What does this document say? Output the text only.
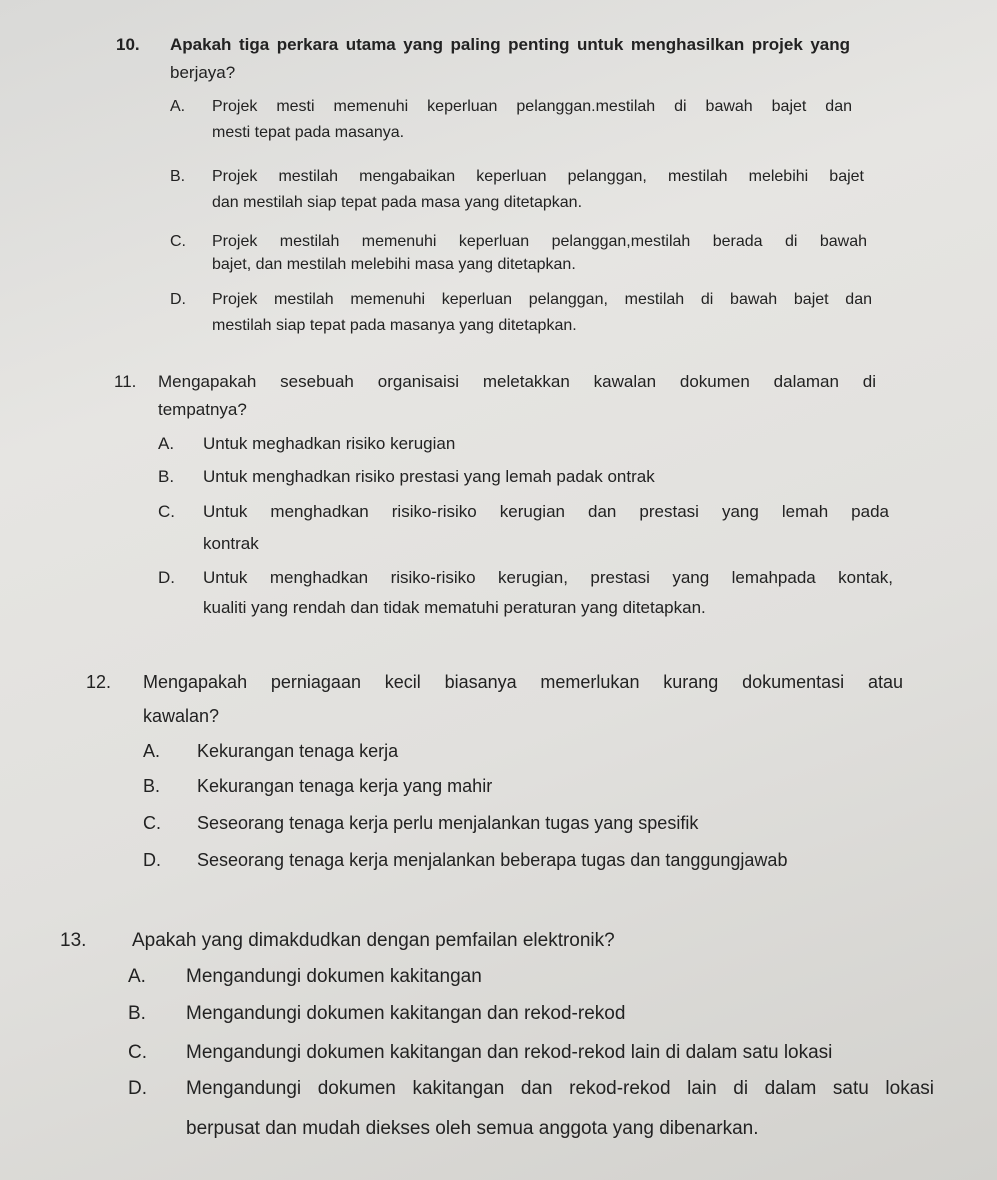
10. Apakah tiga perkara utama yang paling penting untuk menghasilkan projek yang
berjaya?
A. Projek mesti memenuhi keperluan pelanggan.mestilah di bawah bajet dan
mesti tepat pada masanya.
B. Projek mestilah mengabaikan keperluan pelanggan, mestilah melebihi bajet
dan mestilah siap tepat pada masa yang ditetapkan.
C. Projek mestilah memenuhi keperluan pelanggan,mestilah berada di bawah
bajet, dan mestilah melebihi masa yang ditetapkan.
D. Projek mestilah memenuhi keperluan pelanggan, mestilah di bawah bajet dan
mestilah siap tepat pada masanya yang ditetapkan.
11. Mengapakah sesebuah organisaisi meletakkan kawalan dokumen dalaman di
tempatnya?
A. Untuk meghadkan risiko kerugian
B. Untuk menghadkan risiko prestasi yang lemah padak ontrak
C. Untuk menghadkan risiko-risiko kerugian dan prestasi yang lemah pada
kontrak
D. Untuk menghadkan risiko-risiko kerugian, prestasi yang lemahpada kontak,
kualiti yang rendah dan tidak mematuhi peraturan yang ditetapkan.
12. Mengapakah perniagaan kecil biasanya memerlukan kurang dokumentasi atau
kawalan?
A. Kekurangan tenaga kerja
B. Kekurangan tenaga kerja yang mahir
C. Seseorang tenaga kerja perlu menjalankan tugas yang spesifik
D. Seseorang tenaga kerja menjalankan beberapa tugas dan tanggungjawab
13. Apakah yang dimakdudkan dengan pemfailan elektronik?
A. Mengandungi dokumen kakitangan
B. Mengandungi dokumen kakitangan dan rekod-rekod
C. Mengandungi dokumen kakitangan dan rekod-rekod lain di dalam satu lokasi
D. Mengandungi dokumen kakitangan dan rekod-rekod lain di dalam satu lokasi
berpusat dan mudah diekses oleh semua anggota yang dibenarkan.
